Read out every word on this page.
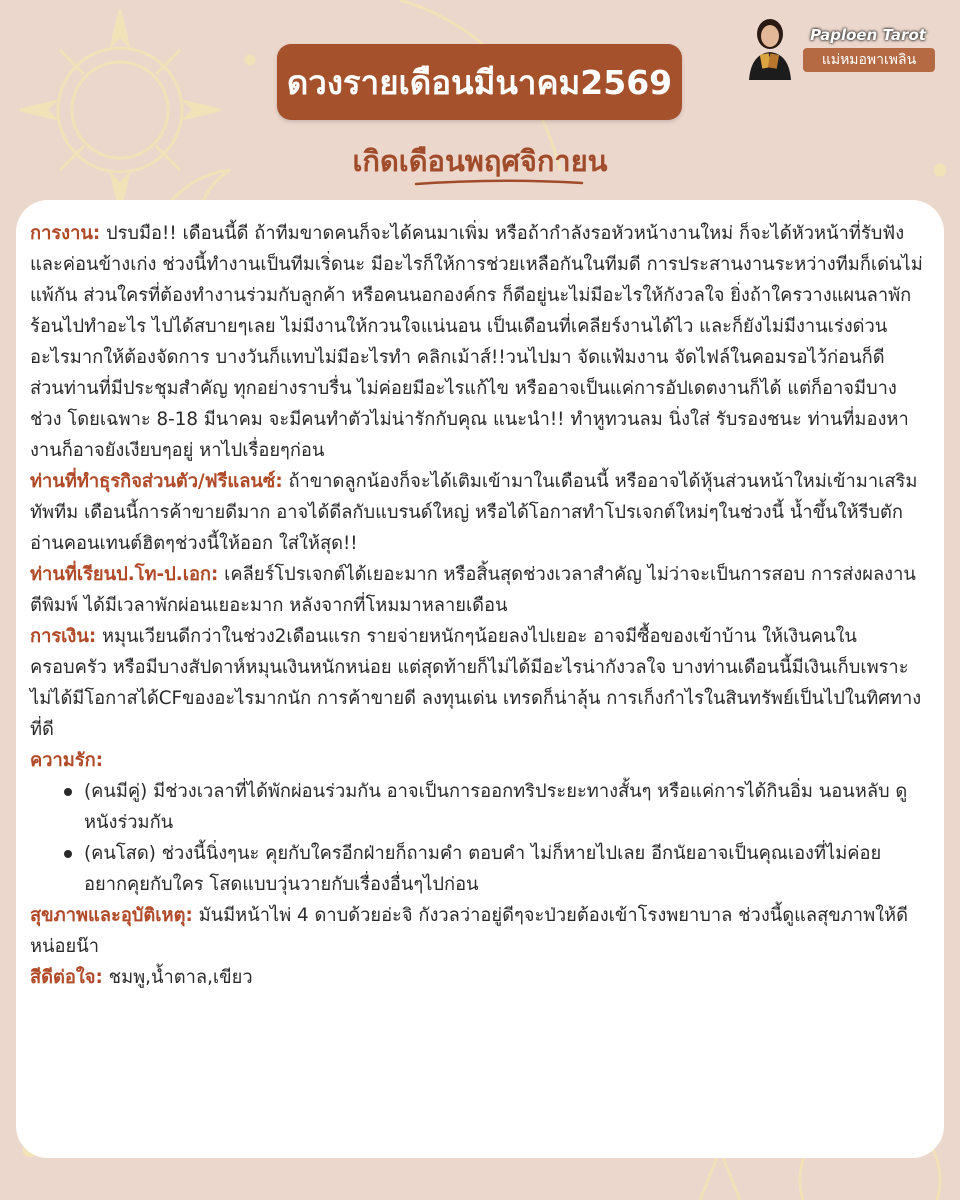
Paploen Tarot
แม่หมอพาเพลิน
ดวงรายเดือนมีนาคม2569
เกิดเดือนพฤศจิกายน

การงาน: ปรบมือ!! เดือนนี้ดี ถ้าทีมขาดคนก็จะได้คนมาเพิ่ม หรือถ้ากำลังรอหัวหน้างานใหม่ ก็จะได้หัวหน้าที่รับฟังและค่อนข้างเก่ง ช่วงนี้ทำงานเป็นทีมเริ่ดนะ มีอะไรก็ให้การช่วยเหลือกันในทีมดี การประสานงานระหว่างทีมก็เด่นไม่แพ้กัน ส่วนใครที่ต้องทำงานร่วมกับลูกค้า หรือคนนอกองค์กร ก็ดีอยู่นะไม่มีอะไรให้กังวลใจ ยิ่งถ้าใครวางแผนลาพักร้อนไปทำอะไร ไปได้สบายๆเลย ไม่มีงานให้กวนใจแน่นอน เป็นเดือนที่เคลียร์งานได้ไว และก็ยังไม่มีงานเร่งด่วนอะไรมากให้ต้องจัดการ บางวันก็แทบไม่มีอะไรทำ คลิกเม้าส์!!วนไปมา จัดแฟ้มงาน จัดไฟล์ในคอมรอไว้ก่อนก็ดี ส่วนท่านที่มีประชุมสำคัญ ทุกอย่างราบรื่น ไม่ค่อยมีอะไรแก้ไข หรืออาจเป็นแค่การอัปเดตงานก็ได้ แต่ก็อาจมีบางช่วง โดยเฉพาะ 8-18 มีนาคม จะมีคนทำตัวไม่น่ารักกับคุณ แนะนำ!! ทำหูทวนลม นิ่งใส่ รับรองชนะ ท่านที่มองหางานก็อาจยังเงียบๆอยู่ หาไปเรื่อยๆก่อน

ท่านที่ทำธุรกิจส่วนตัว/ฟรีแลนซ์: ถ้าขาดลูกน้องก็จะได้เติมเข้ามาในเดือนนี้ หรืออาจได้หุ้นส่วนหน้าใหม่เข้ามาเสริมทัพทีม เดือนนี้การค้าขายดีมาก อาจได้ดีลกับแบรนด์ใหญ่ หรือได้โอกาสทำโปรเจกต์ใหม่ๆในช่วงนี้ น้ำขึ้นให้รีบตัก อ่านคอนเทนต์ฮิตๆช่วงนี้ให้ออก ใส่ให้สุด!!

ท่านที่เรียนป.โท-ป.เอก: เคลียร์โปรเจกต์ได้เยอะมาก หรือสิ้นสุดช่วงเวลาสำคัญ ไม่ว่าจะเป็นการสอบ การส่งผลงานตีพิมพ์ ได้มีเวลาพักผ่อนเยอะมาก หลังจากที่โหมมาหลายเดือน

การเงิน: หมุนเวียนดีกว่าในช่วง2เดือนแรก รายจ่ายหนักๆน้อยลงไปเยอะ อาจมีซื้อของเข้าบ้าน ให้เงินคนในครอบครัว หรือมีบางสัปดาห์หมุนเงินหนักหน่อย แต่สุดท้ายก็ไม่ได้มีอะไรน่ากังวลใจ บางท่านเดือนนี้มีเงินเก็บเพราะไม่ได้มีโอกาสได้CFของอะไรมากนัก การค้าขายดี ลงทุนเด่น เทรดก็น่าลุ้น การเก็งกำไรในสินทรัพย์เป็นไปในทิศทางที่ดี

ความรัก:

(คนมีคู่) มีช่วงเวลาที่ได้พักผ่อนร่วมกัน อาจเป็นการออกทริประยะทางสั้นๆ หรือแค่การได้กินอิ่ม นอนหลับ ดูหนังร่วมกัน
(คนโสด) ช่วงนี้นิ่งๆนะ คุยกับใครอีกฝ่ายก็ถามคำ ตอบคำ ไม่ก็หายไปเลย อีกนัยอาจเป็นคุณเองที่ไม่ค่อยอยากคุยกับใคร โสดแบบวุ่นวายกับเรื่องอื่นๆไปก่อน

สุขภาพและอุบัติเหตุ: มันมีหน้าไพ่ 4 ดาบด้วยอ่ะจิ กังวลว่าอยู่ดีๆจะป่วยต้องเข้าโรงพยาบาล ช่วงนี้ดูแลสุขภาพให้ดีหน่อยน๊า

สีดีต่อใจ: ชมพู,น้ำตาล,เขียว
